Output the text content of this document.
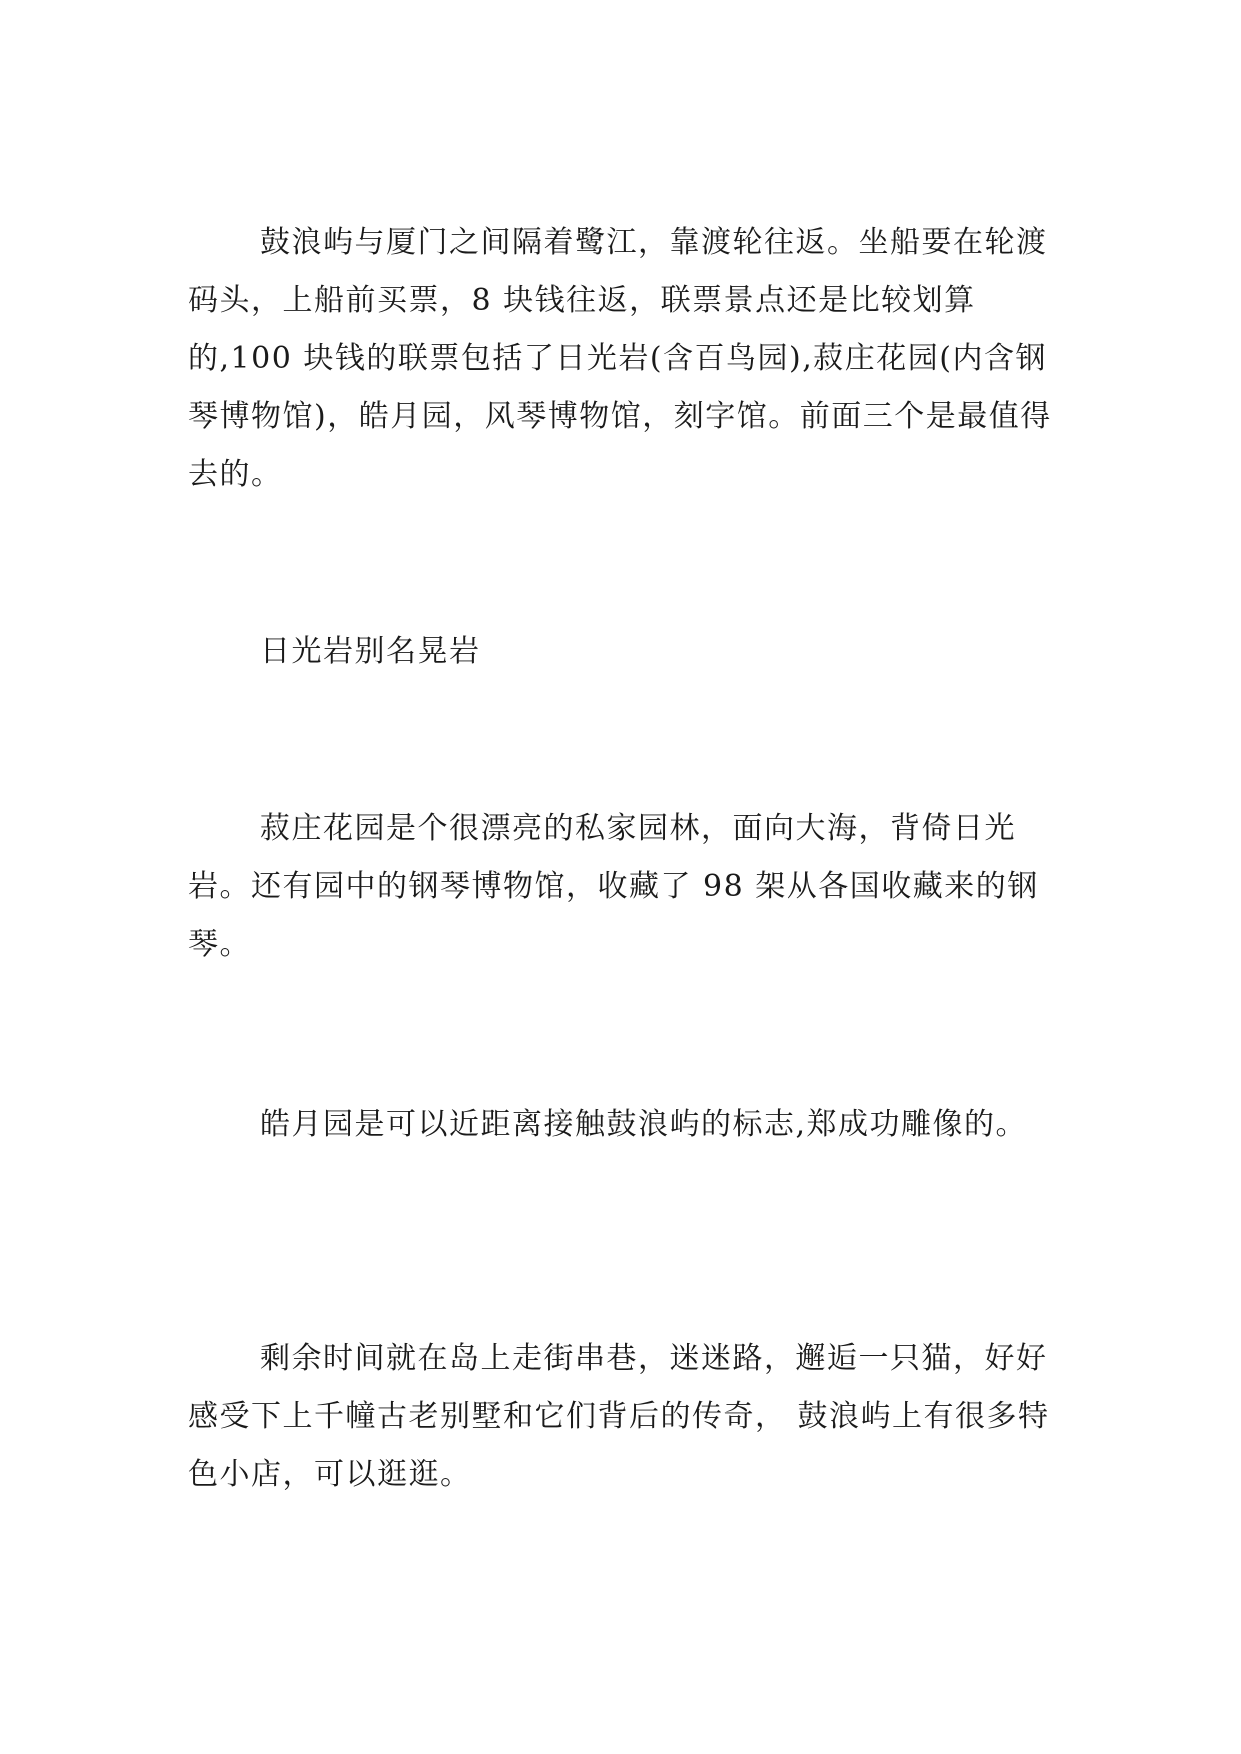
鼓浪屿与厦门之间隔着鹭江，靠渡轮往返。坐船要在轮渡码头，上船前买票，8 块钱往返，联票景点还是比较划算的,100 块钱的联票包括了日光岩(含百鸟园),菽庄花园(内含钢琴博物馆)，皓月园，风琴博物馆，刻字馆。前面三个是最值得去的。

日光岩别名晃岩

菽庄花园是个很漂亮的私家园林，面向大海，背倚日光岩。还有园中的钢琴博物馆，收藏了 98 架从各国收藏来的钢琴。

皓月园是可以近距离接触鼓浪屿的标志,郑成功雕像的。

剩余时间就在岛上走街串巷，迷迷路，邂逅一只猫，好好感受下上千幢古老别墅和它们背后的传奇， 鼓浪屿上有很多特色小店，可以逛逛。
